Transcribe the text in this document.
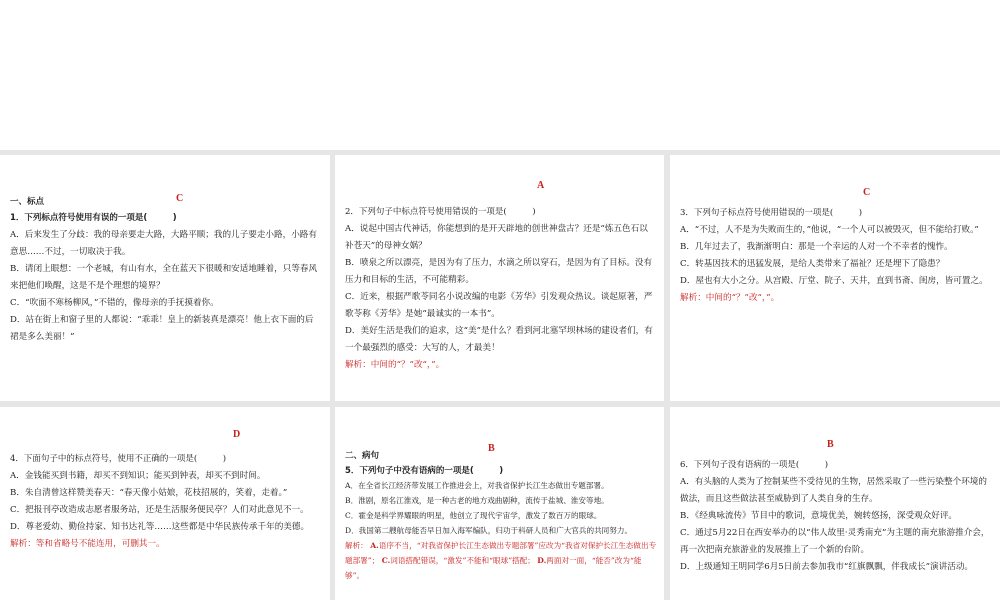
C

一、标点

1．下列标点符号使用有误的一项是(　　　)

A．后来发生了分歧：我的母亲要走大路，大路平顺；我的儿子要走小路，小路有意思……不过，一切取决于我。

B．请闭上眼想：一个老城，有山有水，全在蓝天下很暖和安适地睡着，只等春风来把他们唤醒，这是不是个理想的境界？

C．“吹面不寒杨柳风，”不错的，像母亲的手抚摸着你。

D．站在街上和窗子里的人都说：“乖乖！皇上的新装真是漂亮！他上衣下面的后裙是多么美丽！”

A

2．下列句子中标点符号使用错误的一项是(　　　)

A．说起中国古代神话，你能想到的是开天辟地的创世神盘古？还是“炼五色石以补苍天”的母神女娲？

B．喷泉之所以漂亮，是因为有了压力，水滴之所以穿石，是因为有了目标。没有压力和目标的生活，不可能精彩。

C．近来，根据严歌苓同名小说改编的电影《芳华》引发观众热议。谈起原著，严歌苓称《芳华》是她“最诚实的一本书”。

D．美好生活是我们的追求，这“美”是什么？看到河北塞罕坝林场的建设者们，有一个最强烈的感受：大写的人，才最美！

解析：中间的“？”改“，”。

C

3．下列句子标点符号使用错误的一项是(　　　)

A．“不过，人不是为失败而生的，”他说，“一个人可以被毁灭，但不能给打败。”

B．几年过去了，我渐渐明白：那是一个幸运的人对一个不幸者的愧怍。

C．转基因技术的迅猛发展，是给人类带来了福祉？还是埋下了隐患？

D．屋也有大小之分。从宫殿、厅堂、院子、天井，直到书斋、闺房，皆可置之。

解析：中间的“？”改“，”。

D

4．下面句子中的标点符号，使用不正确的一项是(　　　)

A．金钱能买到书籍，却买不到知识；能买到钟表，却买不到时间。

B．朱自清曾这样赞美春天：“春天像小姑娘，花枝招展的，笑着，走着。”

C．把报刊亭改造成志愿者服务站，还是生活服务便民亭？人们对此意见不一。

D．尊老爱幼、勤俭持家、知书达礼等……这些都是中华民族传承千年的美德。

解析：等和省略号不能连用，可删其一。

B

二、病句

5．下列句子中没有语病的一项是(　　　)

A．在全省长江经济带发展工作推进会上，对我省保护长江生态做出专题部署。

B．淮剧，原名江淮戏，是一种古老的地方戏曲剧种，流传于盐城、淮安等地。

C．霍金是科学界耀眼的明星，他创立了现代宇宙学，激发了数百万的眼球。

D．我国第二艘航母能否早日加入海军编队，归功于科研人员和广大官兵的共同努力。

解析： A.语序不当，“对我省保护长江生态做出专题部署”应改为“我省对保护长江生态做出专题部署”； C.词语搭配错误，“激发”不能和“眼球”搭配； D.两面对一面，“能否”改为“能够”。

B

6．下列句子没有语病的一项是(　　　)

A．有头脑的人类为了控制某些不受待见的生物，居然采取了一些污染整个环境的做法，而且这些做法甚至威胁到了人类自身的生存。

B．《经典咏流传》节目中的歌词，意境优美，婉转悠扬，深受观众好评。

C．通过5月22日在西安举办的以“伟人故里·灵秀南充”为主题的南充旅游推介会，再一次把南充旅游业的发展推上了一个新的台阶。

D．上级通知王明同学6月5日前去参加我市“红旗飘飘，伴我成长”演讲活动。
